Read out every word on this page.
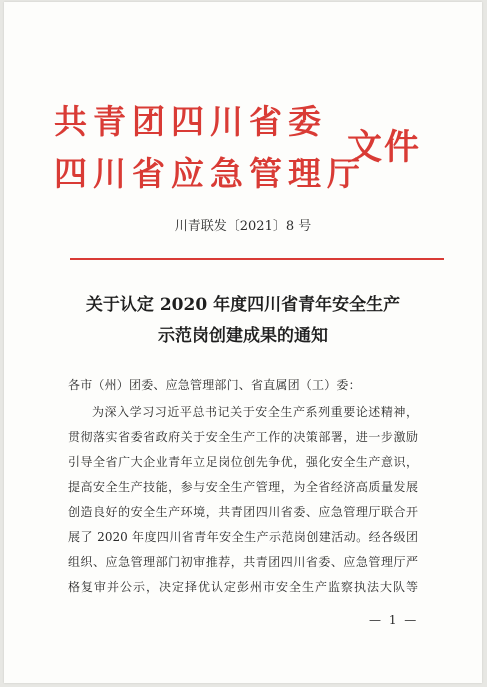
共青团四川省委
四川省应急管理厅
文件
川青联发〔2021〕8 号
关于认定 2020 年度四川省青年安全生产
示范岗创建成果的通知
各市（州）团委、应急管理部门、省直属团（工）委：
为深入学习习近平总书记关于安全生产系列重要论述精神，
贯彻落实省委省政府关于安全生产工作的决策部署，进一步激励
引导全省广大企业青年立足岗位创先争优，强化安全生产意识，
提高安全生产技能，参与安全生产管理，为全省经济高质量发展
创造良好的安全生产环境，共青团四川省委、应急管理厅联合开
展了 2020 年度四川省青年安全生产示范岗创建活动。经各级团
组织、应急管理部门初审推荐，共青团四川省委、应急管理厅严
格复审并公示，决定择优认定彭州市安全生产监察执法大队等
— 1 —
